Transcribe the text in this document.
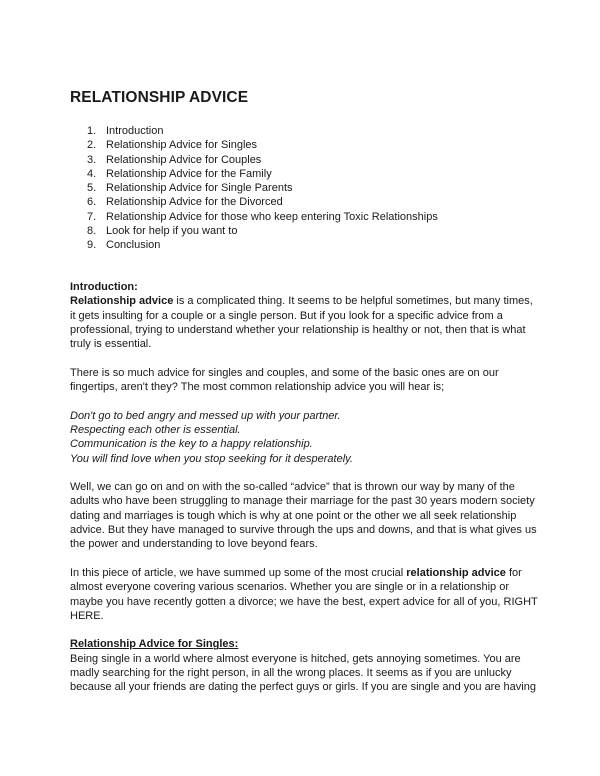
RELATIONSHIP ADVICE
1. Introduction
2. Relationship Advice for Singles
3. Relationship Advice for Couples
4. Relationship Advice for the Family
5. Relationship Advice for Single Parents
6. Relationship Advice for the Divorced
7. Relationship Advice for those who keep entering Toxic Relationships
8. Look for help if you want to
9. Conclusion
Introduction:

Relationship advice is a complicated thing. It seems to be helpful sometimes, but many times, it gets insulting for a couple or a single person. But if you look for a specific advice from a professional, trying to understand whether your relationship is healthy or not, then that is what truly is essential.

There is so much advice for singles and couples, and some of the basic ones are on our fingertips, aren't they? The most common relationship advice you will hear is;

Don't go to bed angry and messed up with your partner.
Respecting each other is essential.
Communication is the key to a happy relationship.
You will find love when you stop seeking for it desperately.

Well, we can go on and on with the so-called “advice” that is thrown our way by many of the adults who have been struggling to manage their marriage for the past 30 years modern society dating and marriages is tough which is why at one point or the other we all seek relationship advice. But they have managed to survive through the ups and downs, and that is what gives us the power and understanding to love beyond fears.

In this piece of article, we have summed up some of the most crucial relationship advice for almost everyone covering various scenarios. Whether you are single or in a relationship or maybe you have recently gotten a divorce; we have the best, expert advice for all of you, RIGHT HERE.

Relationship Advice for Singles:

Being single in a world where almost everyone is hitched, gets annoying sometimes. You are madly searching for the right person, in all the wrong places. It seems as if you are unlucky because all your friends are dating the perfect guys or girls. If you are single and you are having
